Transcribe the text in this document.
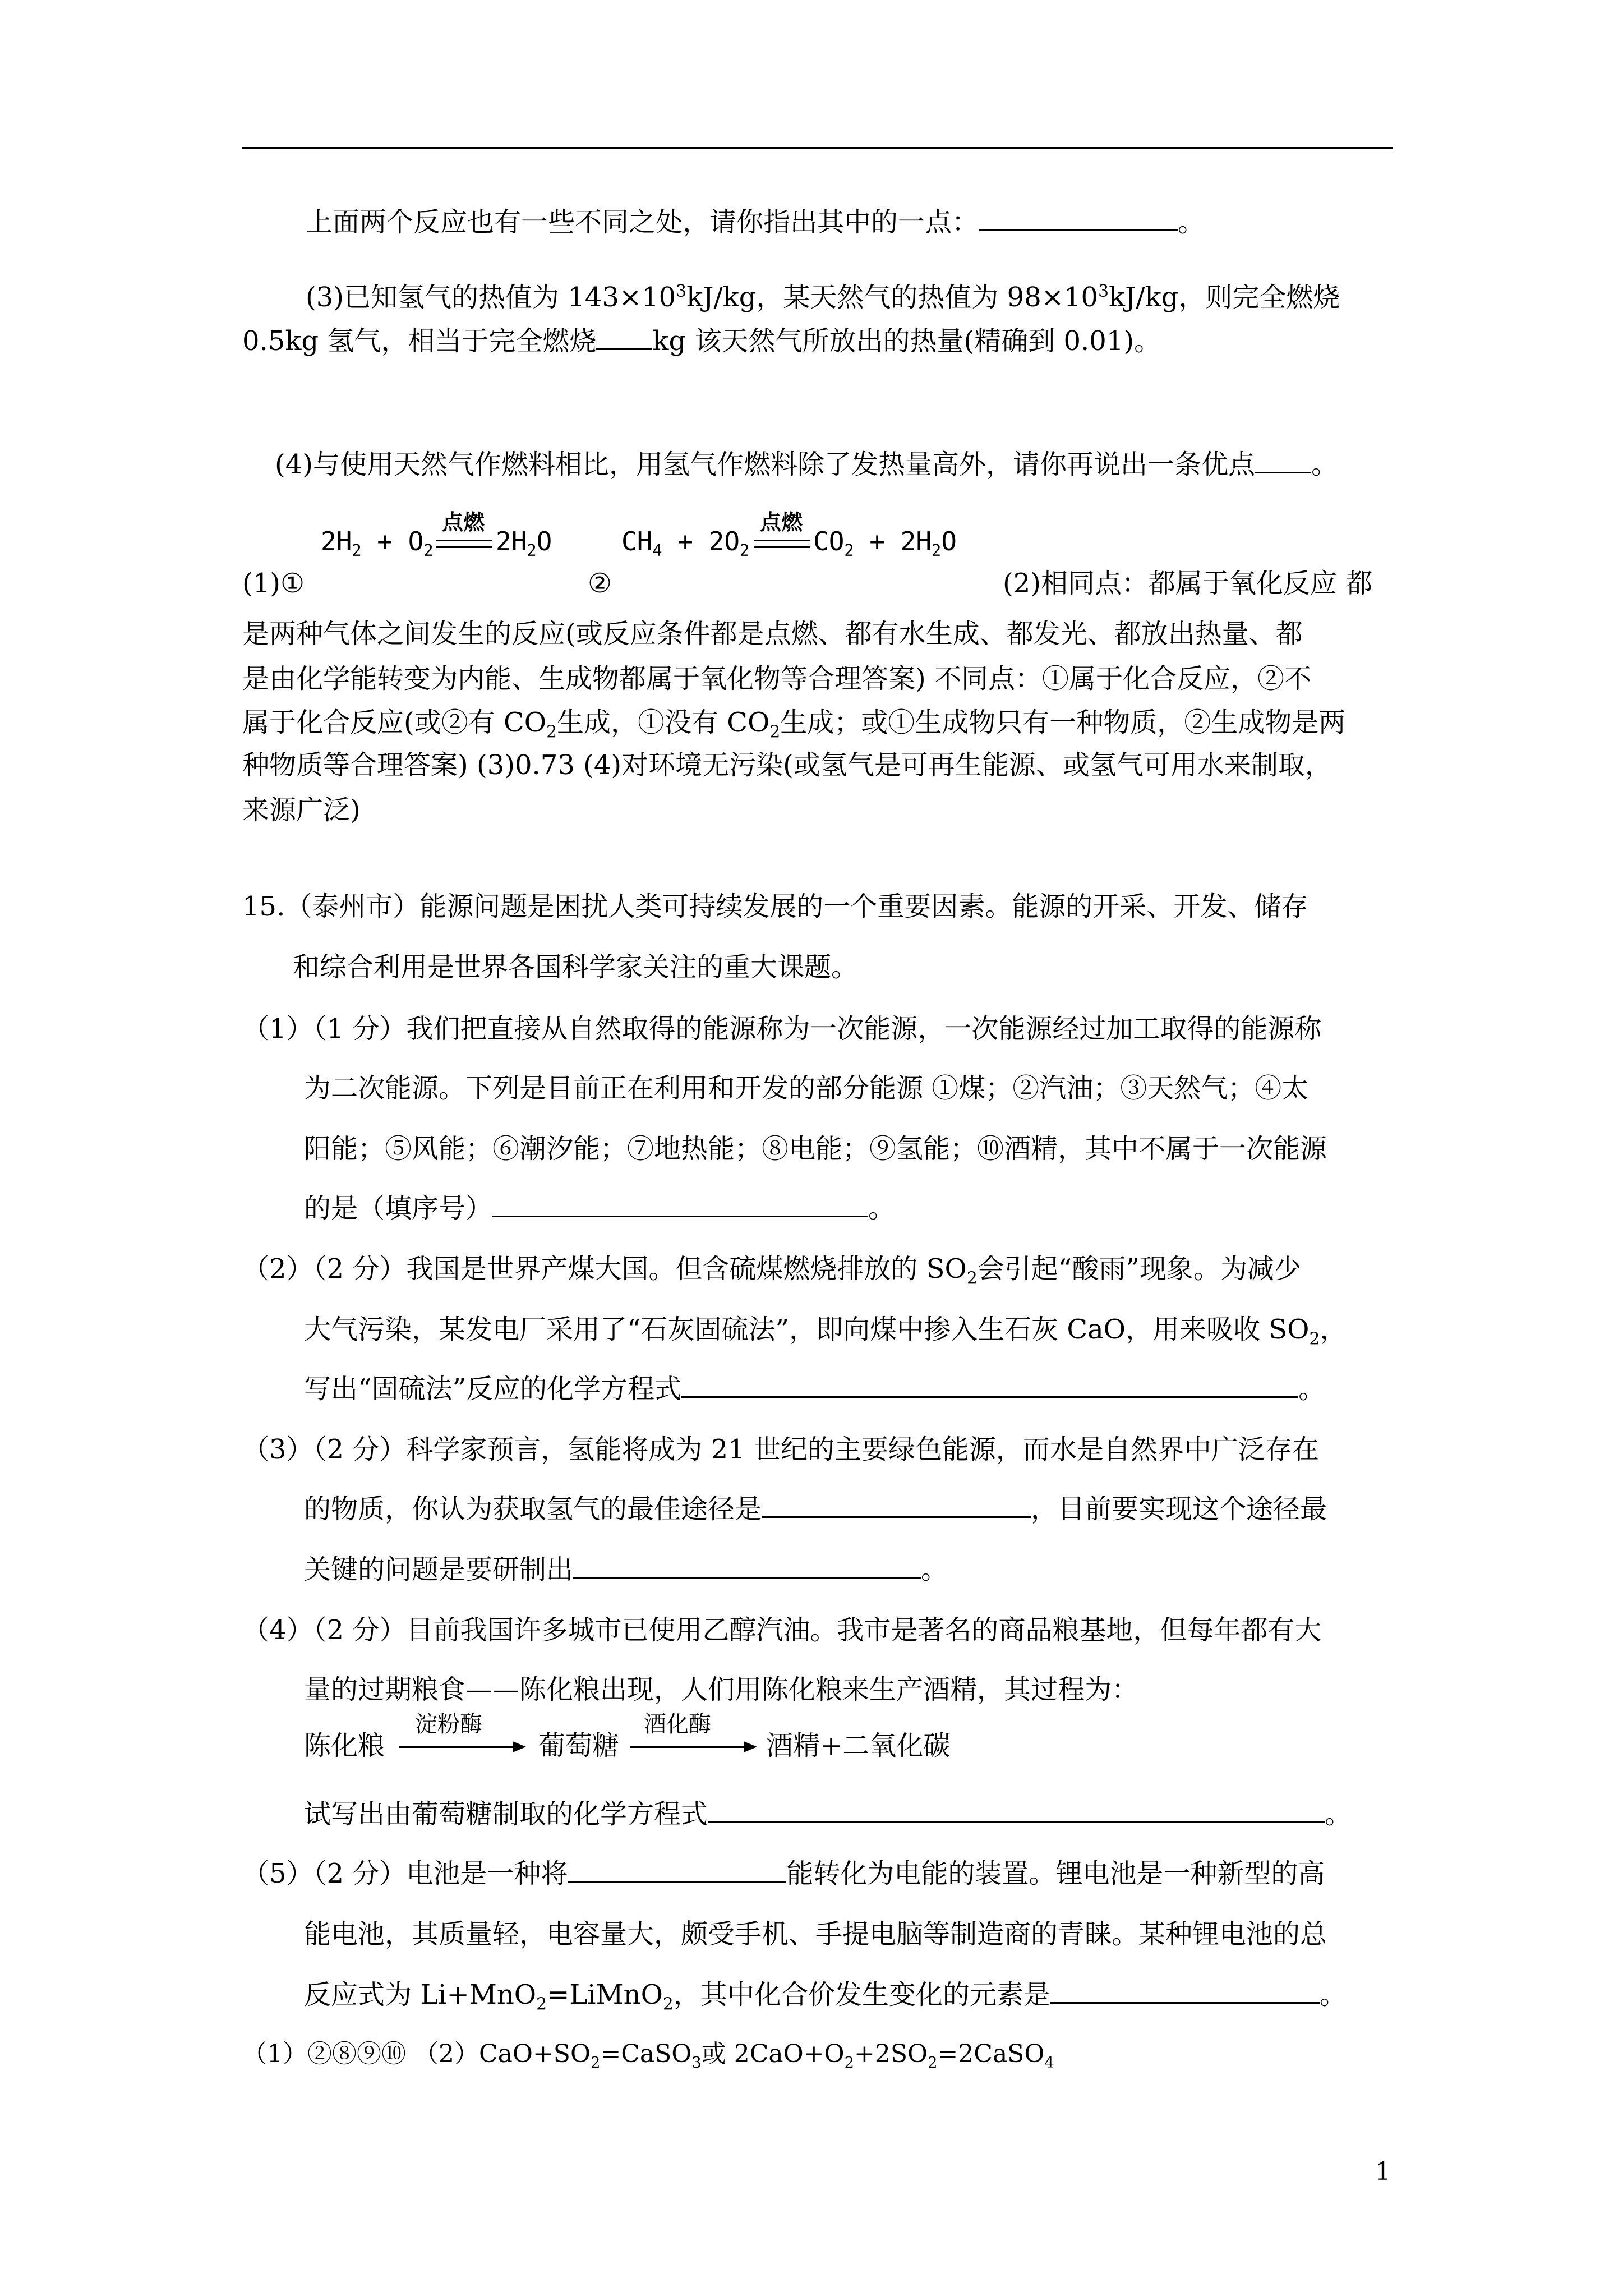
上面两个反应也有一些不同之处，请你指出其中的一点：	。
(3)已知氢气的热值为 $143\times 10^3kJ/kg$，某天然气的热值为 $98\times 10^3kJ/kg$，则完全燃烧
0.5kg 氢气，相当于完全燃烧 kg 该天然气所放出的热量(精确到 0.01)。
(4)与使用天然气作燃料相比，用氢气作燃料除了发热量高外，请你再说出一条优点 。
$2H_2 + O_2$
点燃
$2H_2O$	$CH_4 + 2O_2$
点燃
$CO_2 + 2H_2O$
(1)①	②	(2)相同点：都属于氧化反应 都
是两种气体之间发生的反应(或反应条件都是点燃、都有水生成、都发光、都放出热量、都
是由化学能转变为内能、生成物都属于氧化物等合理答案) 不同点：①属于化合反应，②不
属于化合反应(或②有 $CO_2$生成，①没有 $CO_2$生成；或①生成物只有一种物质，②生成物是两
种物质等合理答案) (3)0.73 (4)对环境无污染(或氢气是可再生能源、或氢气可用水来制取，
来源广泛)
15.（泰州市）能源问题是困扰人类可持续发展的一个重要因素。能源的开采、开发、储存
和综合利用是世界各国科学家关注的重大课题。
（1）（1 分）我们把直接从自然取得的能源称为一次能源，一次能源经过加工取得的能源称
为二次能源。下列是目前正在利用和开发的部分能源 ①煤；②汽油；③天然气；④太
阳能；⑤风能；⑥潮汐能；⑦地热能；⑧电能；⑨氢能；⑩酒精，其中不属于一次能源
的是（填序号）	。
（2）（2 分）我国是世界产煤大国。但含硫煤燃烧排放的 $SO_2$会引起“酸雨”现象。为减少
大气污染，某发电厂采用了“石灰固硫法”，即向煤中掺入生石灰 CaO，用来吸收 $SO_2$，
写出“固硫法”反应的化学方程式	。
（3）（2 分）科学家预言，氢能将成为 21 世纪的主要绿色能源，而水是自然界中广泛存在
的物质，你认为获取氢气的最佳途径是	，目前要实现这个途径最
关键的问题是要研制出	。
（4）（2 分）目前我国许多城市已使用乙醇汽油。我市是著名的商品粮基地，但每年都有大
量的过期粮食——陈化粮出现，人们用陈化粮来生产酒精，其过程为：
陈化粮
淀粉酶
葡萄糖
酒化酶
酒精+二氧化碳
试写出由葡萄糖制取的化学方程式	。
（5）（2 分）电池是一种将	能转化为电能的装置。锂电池是一种新型的高
能电池，其质量轻，电容量大，颇受手机、手提电脑等制造商的青睐。某种锂电池的总
反应式为 Li+MnO$_2$=LiMnO$_2$，其中化合价发生变化的元素是	。
（1）②⑧⑨⑩ $(2)CaO+SO_2=CaSO_3$或 $2CaO+O_2+2SO_2=2CaSO_4$
1
